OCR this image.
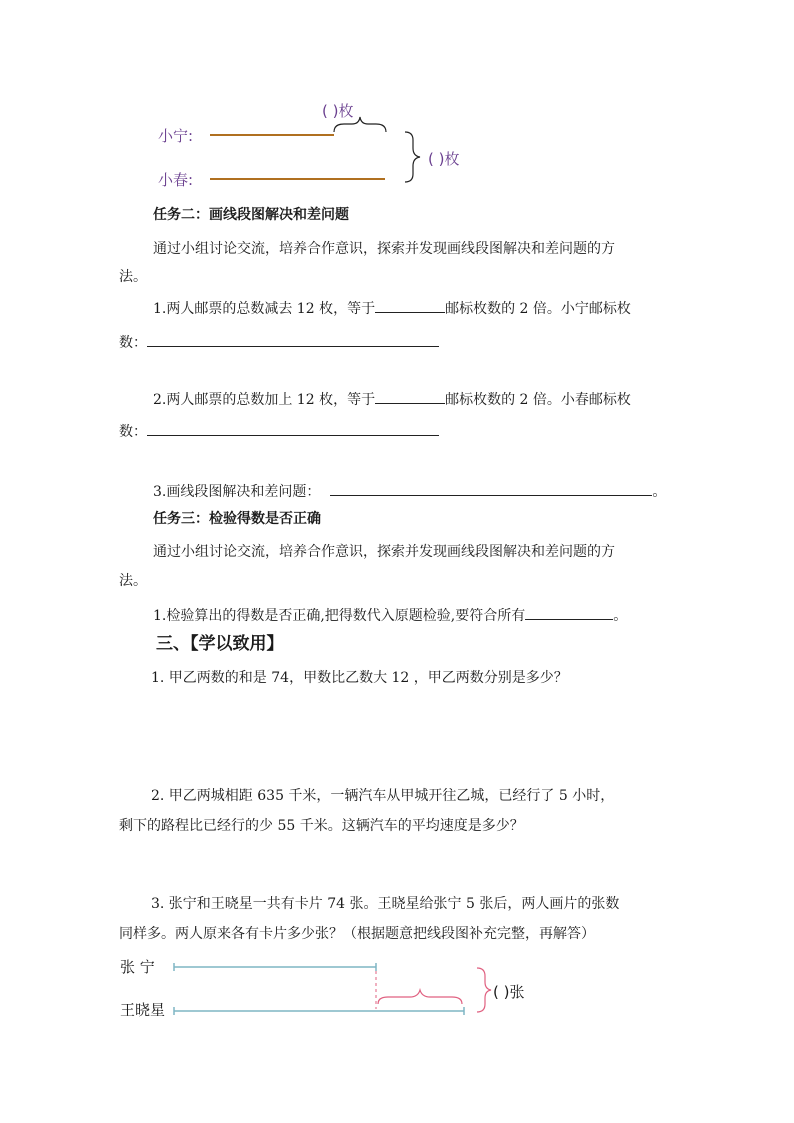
( )枚
( )枚
小宁:
小春:
任务二：画线段图解决和差问题
通过小组讨论交流，培养合作意识，探索并发现画线段图解决和差问题的方
法。
1.两人邮票的总数减去 12 枚，等于	邮标枚数的 2 倍。小宁邮标枚
数：
2.两人邮票的总数加上 12 枚，等于	邮标枚数的 2 倍。小春邮标枚
数：
3.画线段图解决和差问题：	。
任务三：检验得数是否正确
通过小组讨论交流，培养合作意识，探索并发现画线段图解决和差问题的方
法。
1.检验算出的得数是否正确,把得数代入原题检验,要符合所有	。
三、【学以致用】
1. 甲乙两数的和是 74，甲数比乙数大 12 ，甲乙两数分别是多少？
2. 甲乙两城相距 635 千米，一辆汽车从甲城开往乙城，已经行了 5 小时，
剩下的路程比已经行的少 55 千米。这辆汽车的平均速度是多少？
3. 张宁和王晓星一共有卡片 74 张。王晓星给张宁 5 张后，两人画片的张数
同样多。两人原来各有卡片多少张？（根据题意把线段图补充完整，再解答）
张 宁
王晓星
( )张
